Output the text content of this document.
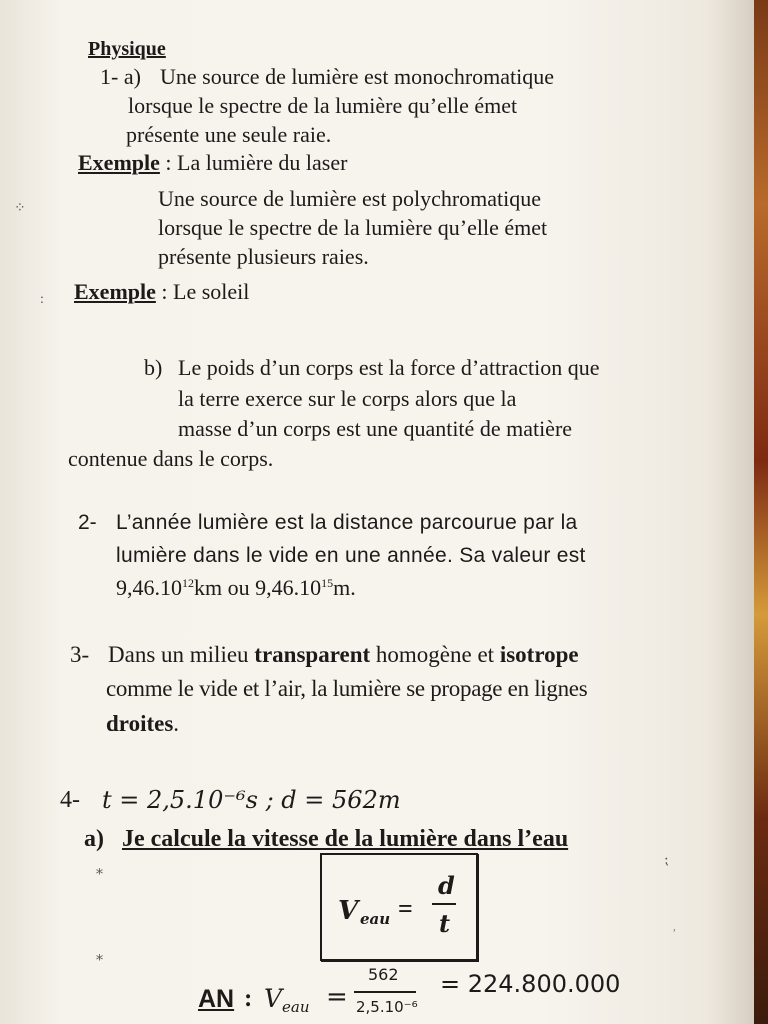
Physique
1- a) Une source de lumière est monochromatique
lorsque le spectre de la lumière qu’elle émet
présente une seule raie.
Exemple : La lumière du laser
Une source de lumière est polychromatique
lorsque le spectre de la lumière qu’elle émet
présente plusieurs raies.
Exemple : Le soleil
b) Le poids d’un corps est la force d’attraction que
la terre exerce sur le corps alors que la
masse d’un corps est une quantité de matière
contenue dans le corps.
2- L’année lumière est la distance parcourue par la
lumière dans le vide en une année. Sa valeur est
9,46.10$^{12}$km ou 9,46.10$^{15}$m.
3- Dans un milieu transparent homogène et isotrope
comme le vide et l’air, la lumière se propage en lignes
droites.
4- t = 2,5.10⁻⁶s ; d = 562m
a) Je calcule la vitesse de la lumière dans l’eau
V eau =
d
t
AN : V eau =
562
2,5.10⁻⁶
= 224.800.000
⁘
:
⁎
⁎
⁏
ʾ
